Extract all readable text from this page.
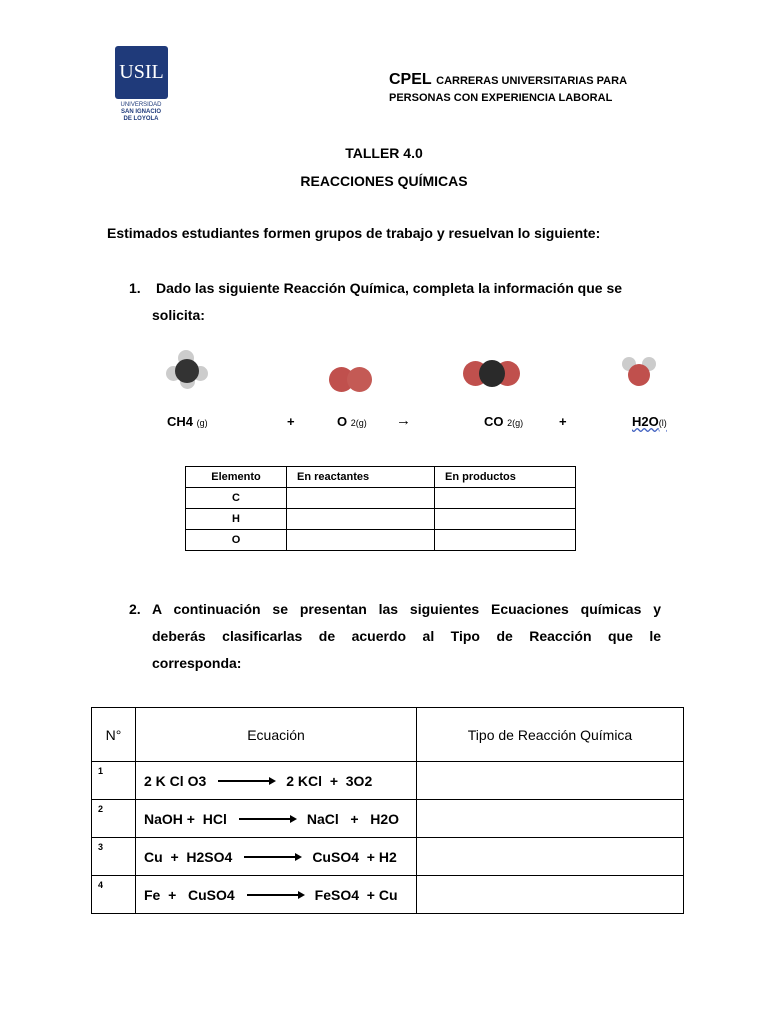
USIL
UNIVERSIDAD
SAN IGNACIO
DE LOYOLA
CPEL CARRERAS UNIVERSITARIAS PARA
PERSONAS CON EXPERIENCIA LABORAL
TALLER 4.0
REACCIONES QUÍMICAS
Estimados estudiantes formen grupos de trabajo y resuelvan lo siguiente:
1. Dado las siguiente Reacción Química, completa la información que se
solicita:
CH4 (g)	+	O 2(g) →	CO 2(g)	+	H2O(l)
Elemento	En reactantes	En productos
C		
H		
O		
2. A continuación se presentan las siguientes Ecuaciones químicas y
deberás clasificarlas de acuerdo al Tipo de Reacción que le
corresponda:
N°	Ecuación	Tipo de Reacción Química

1	2 K Cl O3 2 KCl  +  3O2	

2	NaOH +  HCl NaCl   +   H2O	

3	Cu  +  H2SO4 CuSO4  + H2	

4	Fe  +   CuSO4 FeSO4  + Cu	
